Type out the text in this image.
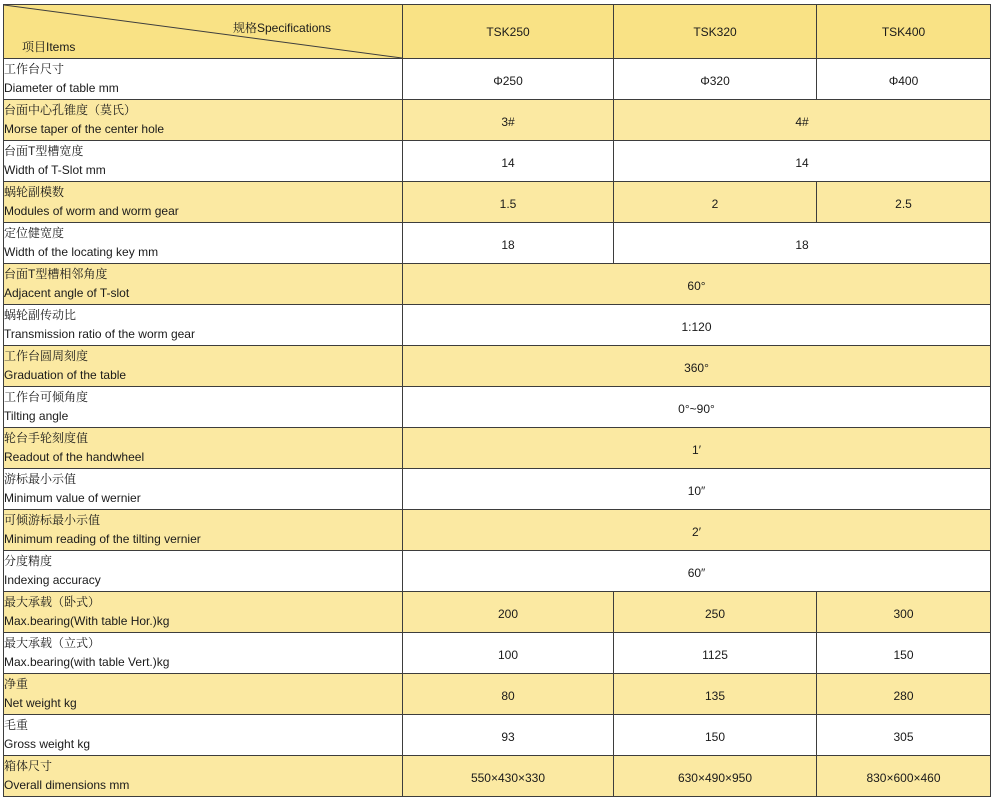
规格Specifications
项目Items	TSK250	TSK320	TSK400

工作台尺寸
Diameter of table mm	Φ250	Φ320	Φ400

台面中心孔锥度（莫氏）
Morse taper of the center hole	3#	4#	

台面T型槽宽度
Width of T-Slot mm	14	14	

蜗轮副模数
Modules of worm and worm gear	1.5	2	2.5

定位健宽度
Width of the locating key mm	18	18	

台面T型槽相邻角度
Adjacent angle of T-slot	60°		

蜗轮副传动比
Transmission ratio of the worm gear	1:120		

工作台圆周刻度
Graduation of the table	360°		

工作台可倾角度
Tilting angle	0°~90°		

轮台手轮刻度值
Readout of the handwheel	1′		

游标最小示值
Minimum value of wernier	10″		

可倾游标最小示值
Minimum reading of the tilting vernier	2′		

分度精度
Indexing accuracy	60″		

最大承载（卧式）
Max.bearing(With table Hor.)kg	200	250	300

最大承载（立式）
Max.bearing(with table Vert.)kg	100	1125	150

净重
Net weight kg	80	135	280

毛重
Gross weight kg	93	150	305

箱体尺寸
Overall dimensions mm	550×430×330	630×490×950	830×600×460
